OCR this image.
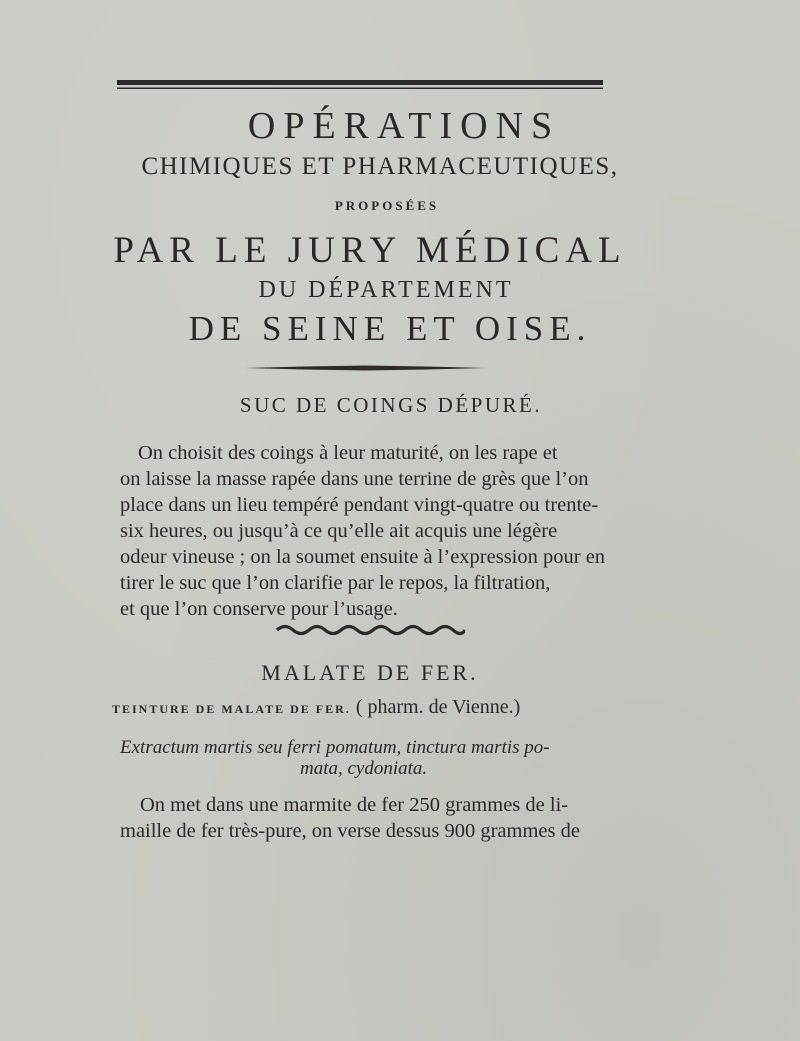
OPÉRATIONS
CHIMIQUES ET PHARMACEUTIQUES,
PROPOSÉES
PAR LE JURY MÉDICAL
DU DÉPARTEMENT
DE SEINE ET OISE.
SUC DE COINGS DÉPURÉ.
On choisit des coings à leur maturité, on les rape et
on laisse la masse rapée dans une terrine de grès que l’on
place dans un lieu tempéré pendant vingt-quatre ou trente-
six heures, ou jusqu’à ce qu’elle ait acquis une légère
odeur vineuse ; on la soumet ensuite à l’expression pour en
tirer le suc que l’on clarifie par le repos, la filtration,
et que l’on conserve pour l’usage.
MALATE DE FER.
TEINTURE DE MALATE DE FER. ( pharm. de Vienne.)
Extractum martis seu ferri pomatum, tinctura martis po-
mata, cydoniata.
On met dans une marmite de fer 250 grammes de li-
maille de fer très-pure, on verse dessus 900 grammes de
